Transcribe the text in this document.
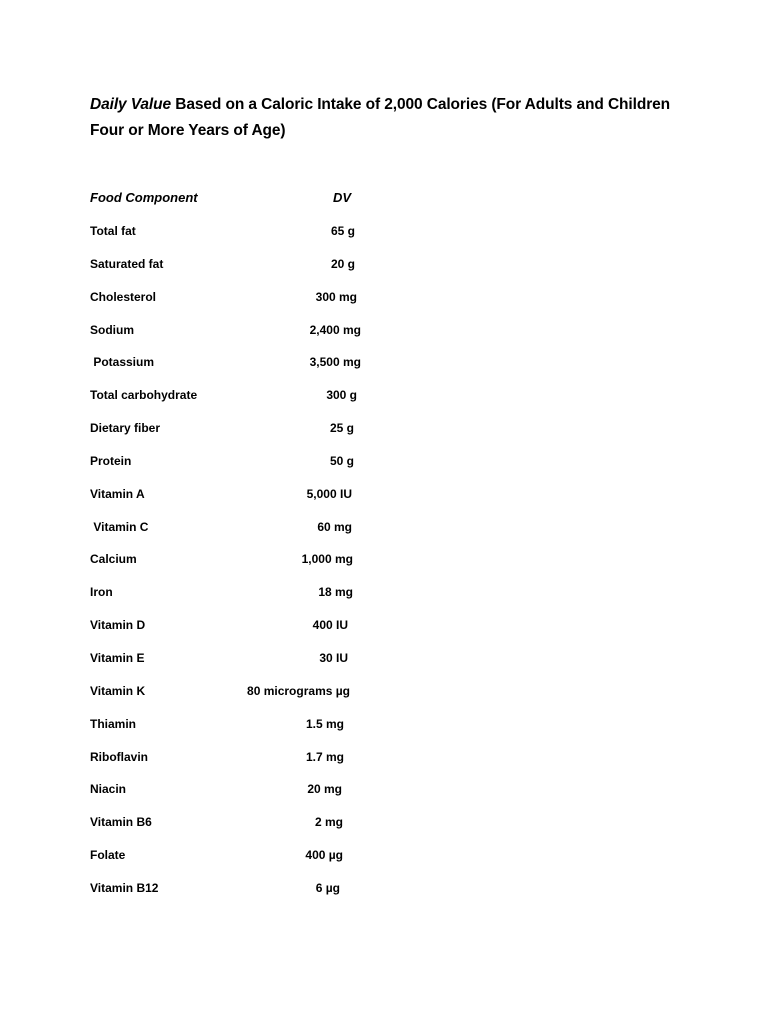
Daily Value Based on a Caloric Intake of 2,000 Calories (For Adults and Children Four or More Years of Age)
Food Component	DV
Total fat	65 g
Saturated fat	20 g
Cholesterol	300 mg
Sodium	2,400 mg
Potassium	3,500 mg
Total carbohydrate	300 g
Dietary fiber	25 g
Protein	50 g
Vitamin A	5,000 IU
Vitamin C	60 mg
Calcium	1,000 mg
Iron	18 mg
Vitamin D	400 IU
Vitamin E	30 IU
Vitamin K	80 micrograms µg
Thiamin	1.5 mg
Riboflavin	1.7 mg
Niacin	20 mg
Vitamin B6	2 mg
Folate	400 µg
Vitamin B12	6 µg
